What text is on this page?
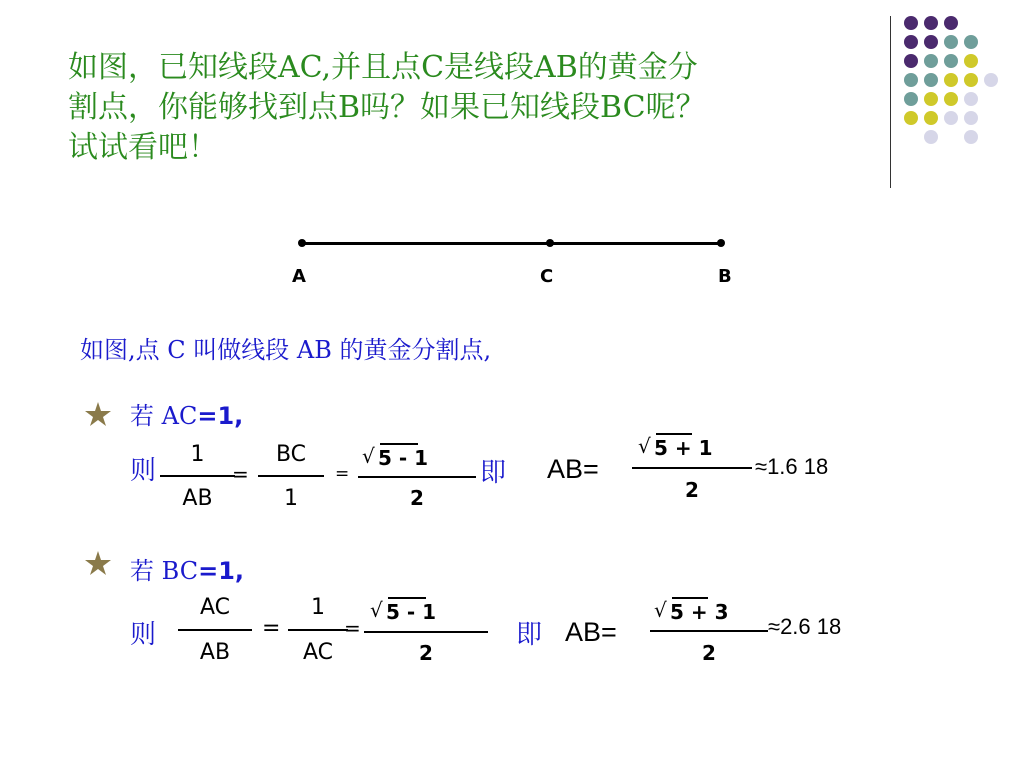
如图，已知线段AC,并且点C是线段AB的黄金分
割点，你能够找到点B吗？如果已知线段BC呢？
试试看吧！
A	C	B
如图,点 C 叫做线段 AB 的黄金分割点,
若 AC=1,
则
1
AB
=
BC
1
=
√ 5 - 1
2
即 AB=
√ 5 + 1
2
≈1.6 18
若 BC=1,
则
AC
AB
=
1
AC
=
√ 5 - 1
2
即 AB=
√ 5 + 3
2
≈2.6 18
